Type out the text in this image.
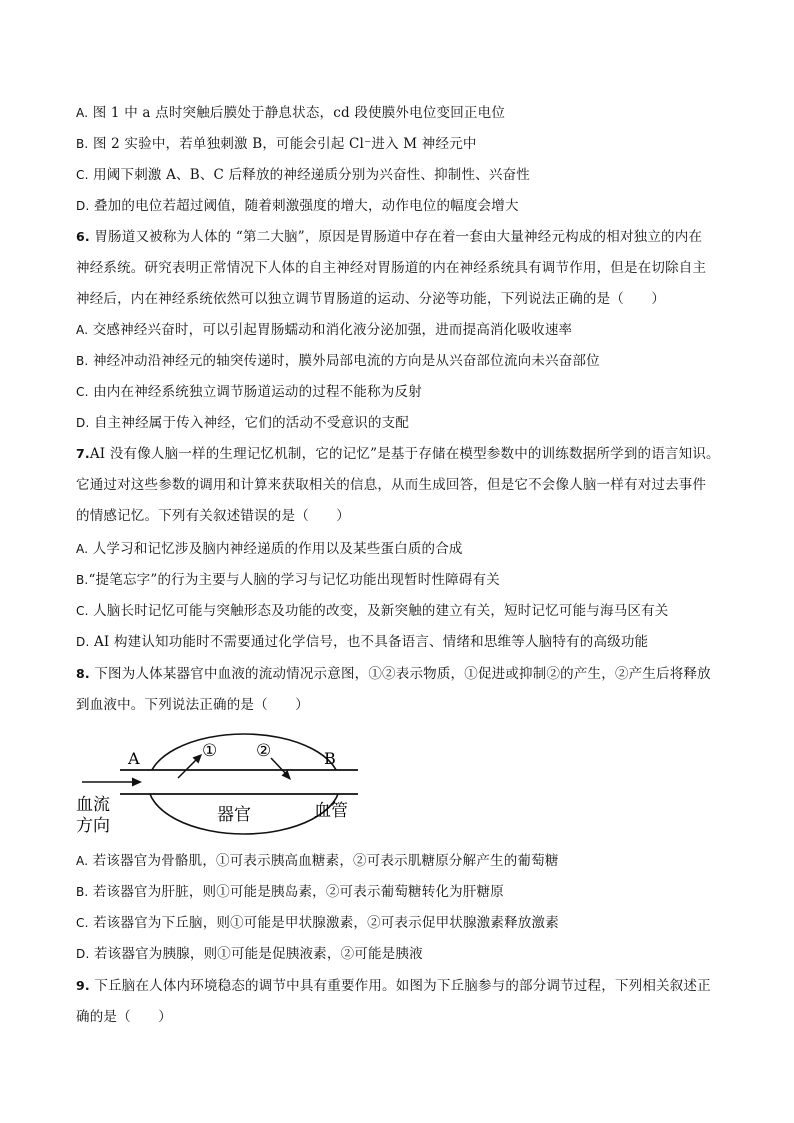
A. 图 1 中 a 点时突触后膜处于静息状态，cd 段使膜外电位变回正电位
B. 图 2 实验中，若单独刺激 B，可能会引起 Cl⁻进入 M 神经元中
C. 用阈下刺激 A、B、C 后释放的神经递质分别为兴奋性、抑制性、兴奋性
D. 叠加的电位若超过阈值，随着刺激强度的增大，动作电位的幅度会增大
6. 胃肠道又被称为人体的 “第二大脑”，原因是胃肠道中存在着一套由大量神经元构成的相对独立的内在
神经系统。研究表明正常情况下人体的自主神经对胃肠道的内在神经系统具有调节作用，但是在切除自主
神经后，内在神经系统依然可以独立调节胃肠道的运动、分泌等功能，下列说法正确的是（　　）
A. 交感神经兴奋时，可以引起胃肠蠕动和消化液分泌加强，进而提高消化吸收速率
B. 神经冲动沿神经元的轴突传递时，膜外局部电流的方向是从兴奋部位流向未兴奋部位
C. 由内在神经系统独立调节肠道运动的过程不能称为反射
D. 自主神经属于传入神经，它们的活动不受意识的支配
7.AI 没有像人脑一样的生理记忆机制，它的记忆”是基于存储在模型参数中的训练数据所学到的语言知识。
它通过对这些参数的调用和计算来获取相关的信息，从而生成回答，但是它不会像人脑一样有对过去事件
的情感记忆。下列有关叙述错误的是（　　）
A. 人学习和记忆涉及脑内神经递质的作用以及某些蛋白质的合成
B.“提笔忘字”的行为主要与人脑的学习与记忆功能出现暂时性障碍有关
C. 人脑长时记忆可能与突触形态及功能的改变，及新突触的建立有关，短时记忆可能与海马区有关
D. AI 构建认知功能时不需要通过化学信号，也不具备语言、情绪和思维等人脑特有的高级功能
8. 下图为人体某器官中血液的流动情况示意图，①②表示物质，①促进或抑制②的产生，②产生后将释放
到血液中。下列说法正确的是（　　）
A	B
① ②
血流
方向
器官	血管
A. 若该器官为骨骼肌，①可表示胰高血糖素，②可表示肌糖原分解产生的葡萄糖
B. 若该器官为肝脏，则①可能是胰岛素，②可表示葡萄糖转化为肝糖原
C. 若该器官为下丘脑，则①可能是甲状腺激素，②可表示促甲状腺激素释放激素
D. 若该器官为胰腺，则①可能是促胰液素，②可能是胰液
9. 下丘脑在人体内环境稳态的调节中具有重要作用。如图为下丘脑参与的部分调节过程，下列相关叙述正
确的是（　　）
